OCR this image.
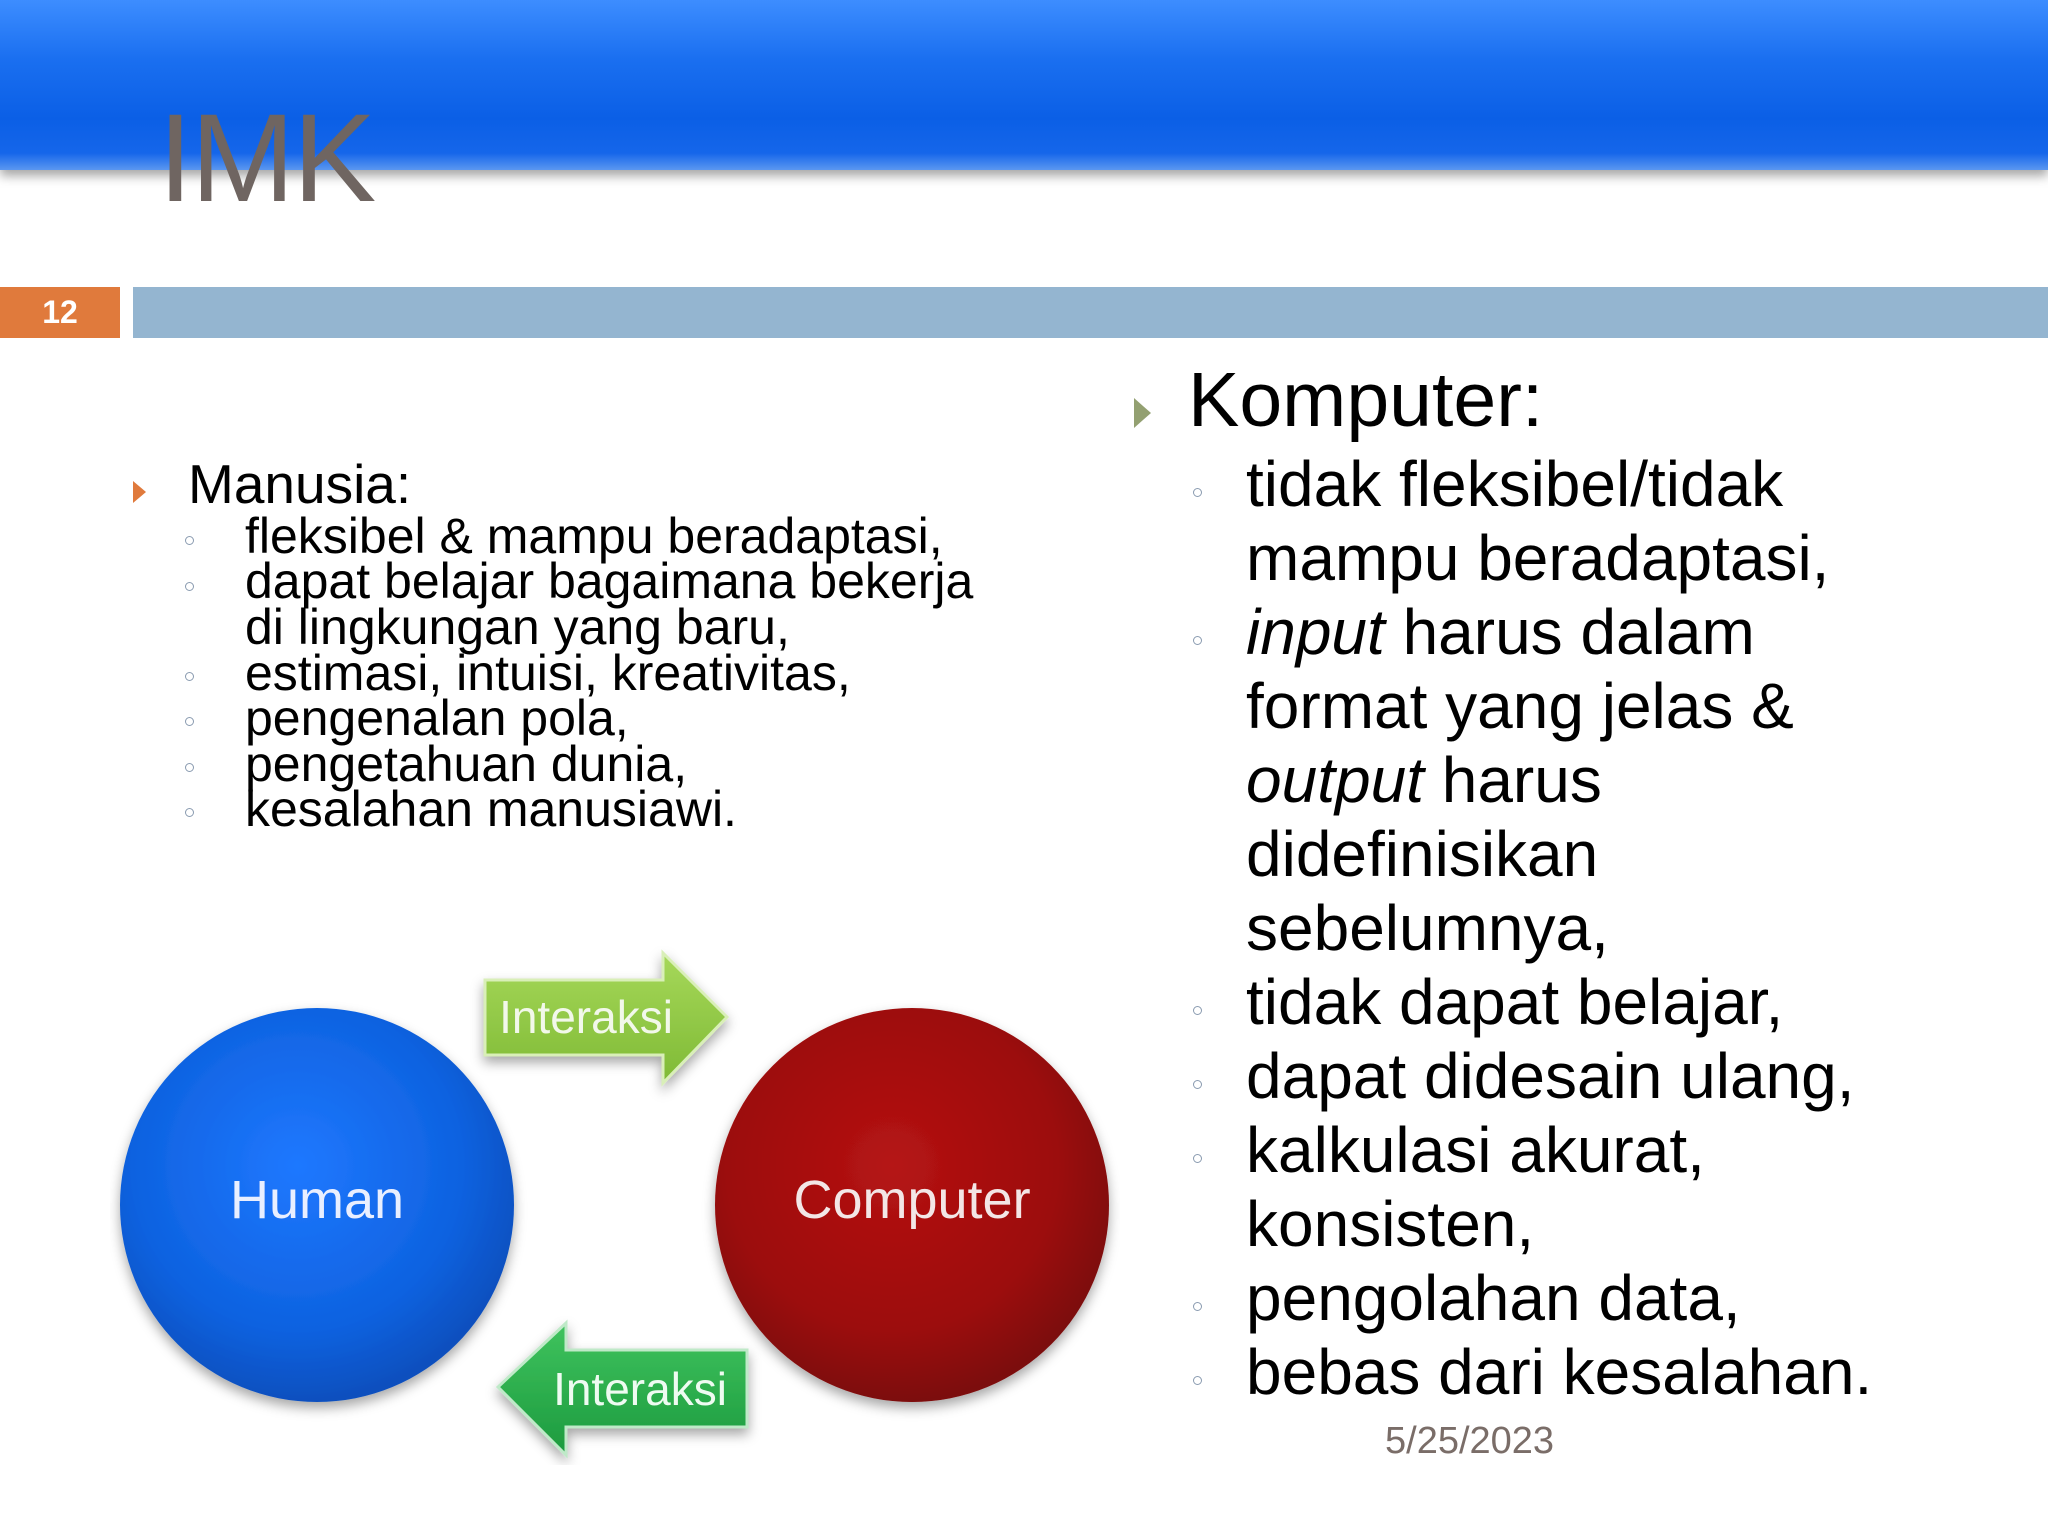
IMK
12
Manusia:
fleksibel & mampu beradaptasi,
dapat belajar bagaimana bekerja
di lingkungan yang baru,
estimasi, intuisi, kreativitas,
pengenalan pola,
pengetahuan dunia,
kesalahan manusiawi.
Human	Computer
Interaksi
Interaksi
Komputer:
tidak fleksibel/tidak
mampu beradaptasi,
input harus dalam
format yang jelas &
output harus
didefinisikan
sebelumnya,
tidak dapat belajar,
dapat didesain ulang,
kalkulasi akurat,
konsisten,
pengolahan data,
bebas dari kesalahan.
5/25/2023
